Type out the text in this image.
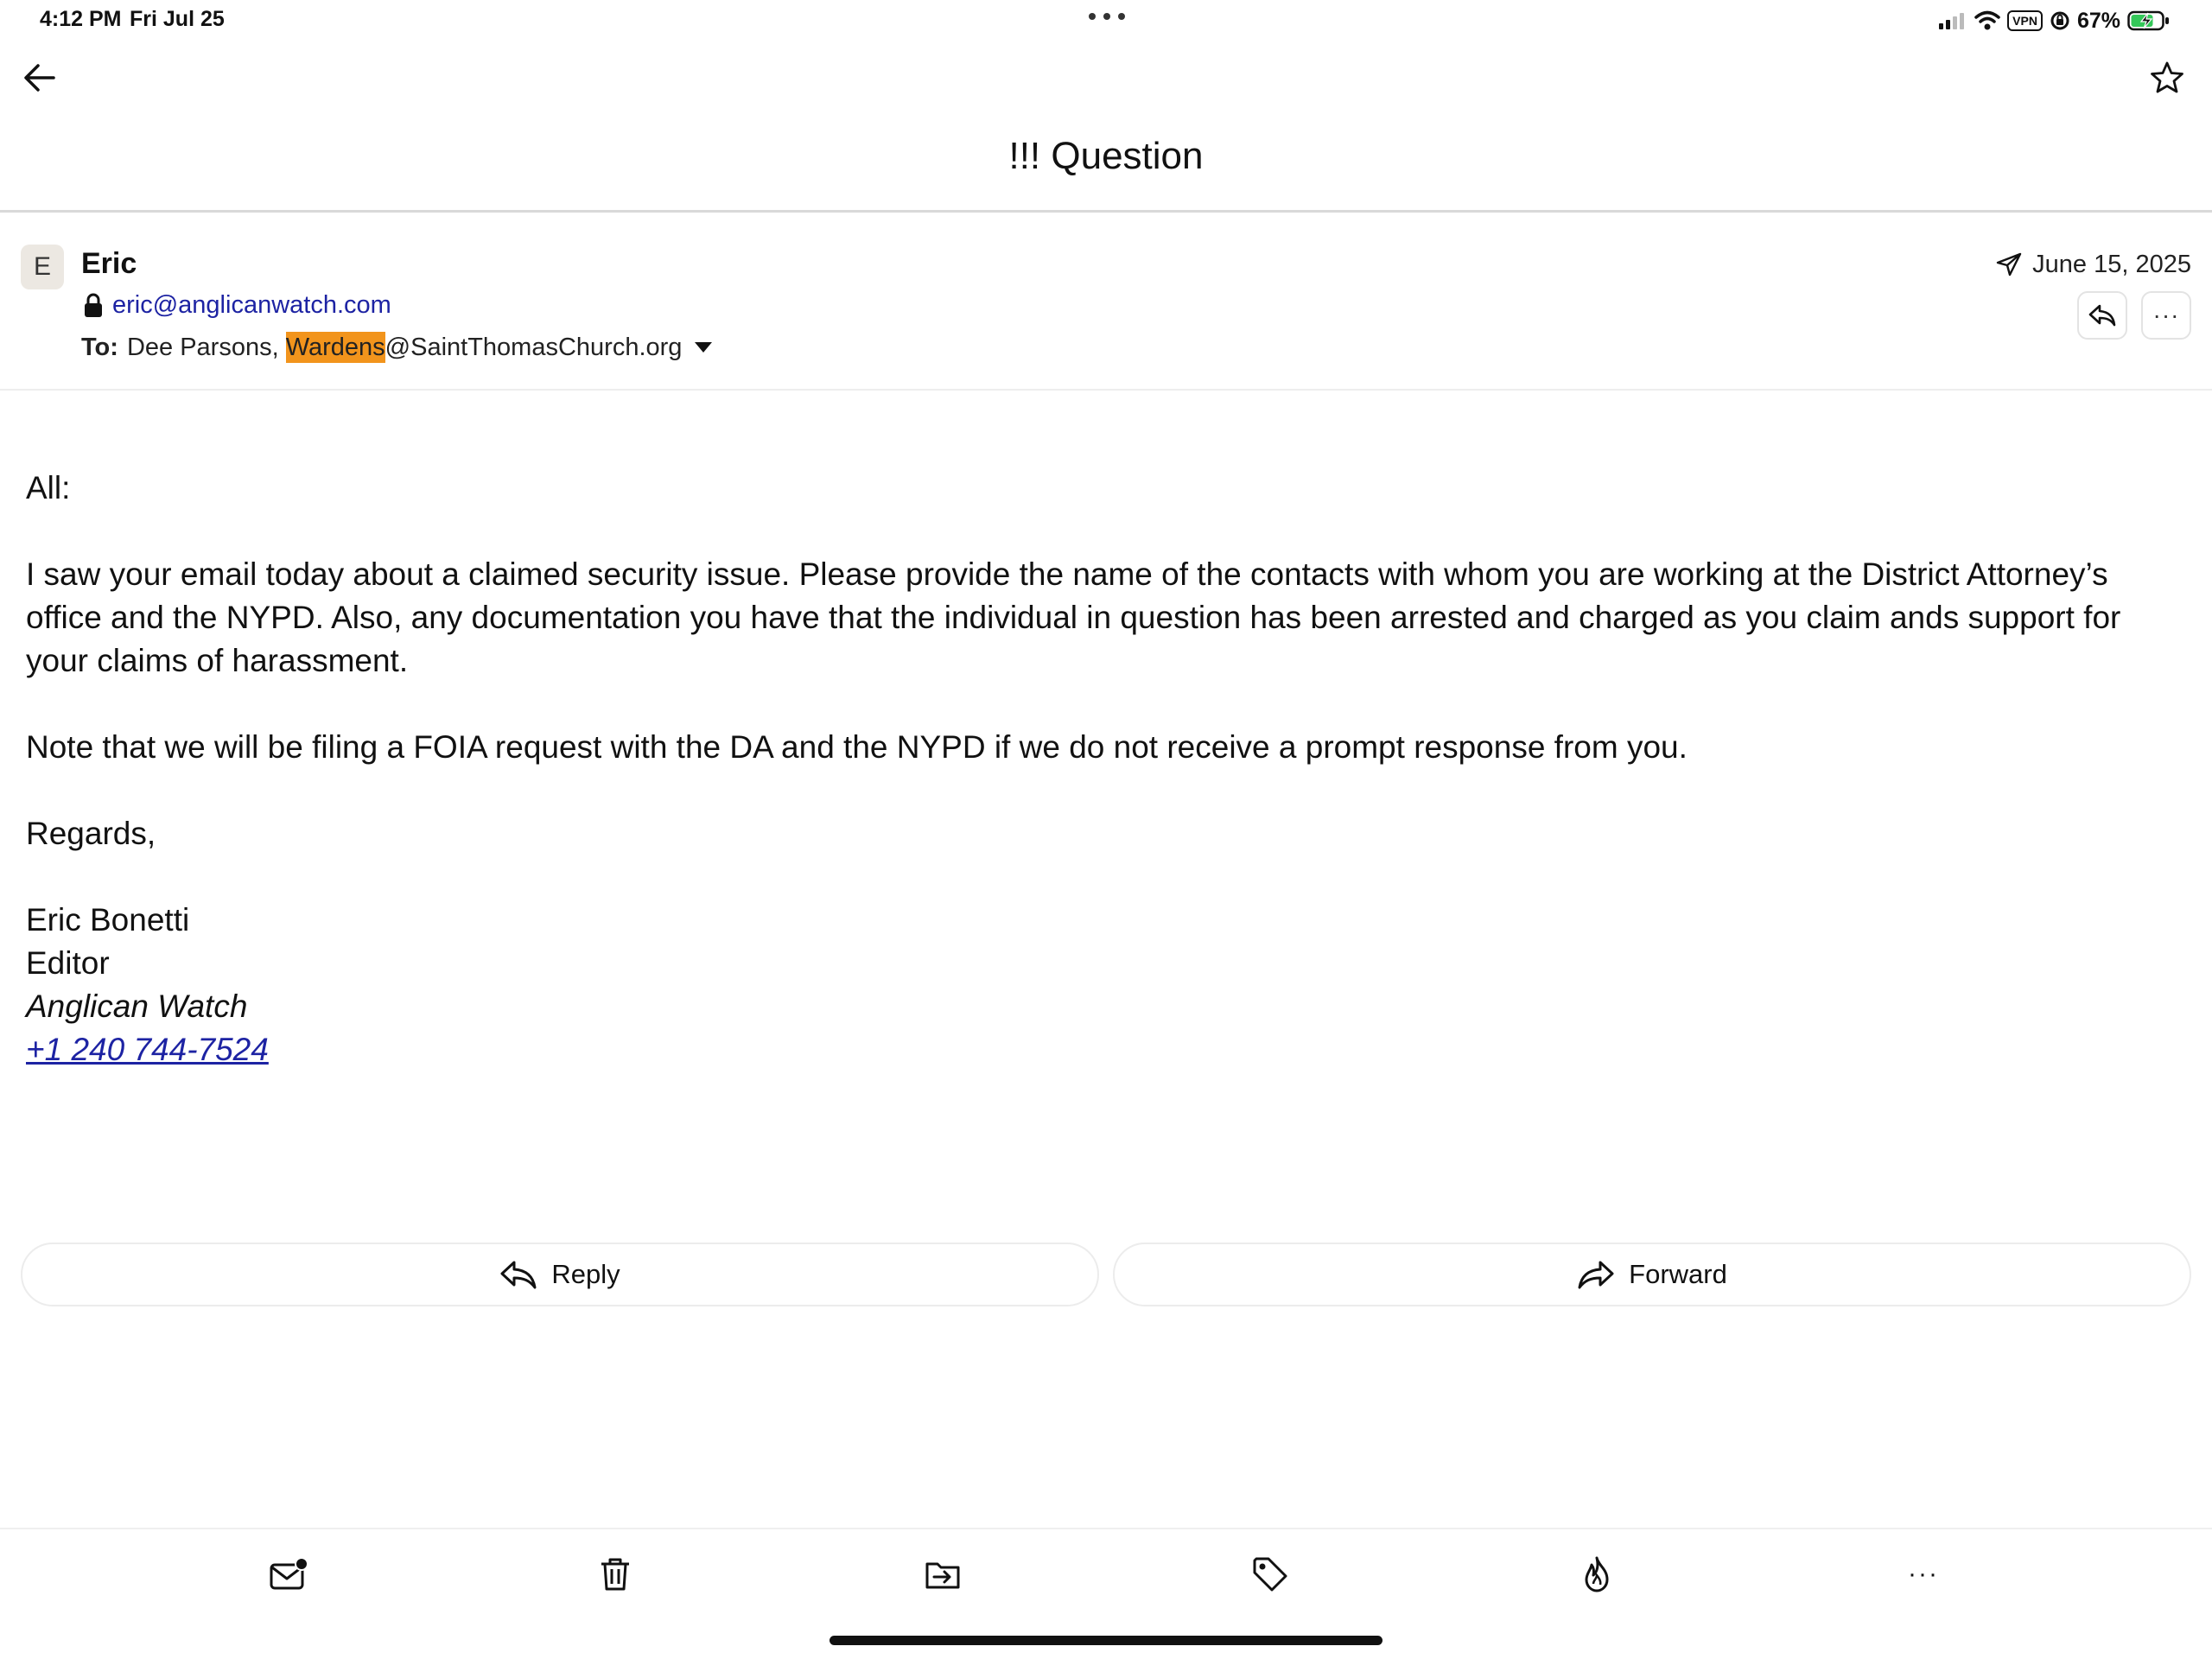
4:12 PM Fri Jul 25	VPN 67%
!!! Question
E	Eric
eric@anglicanwatch.com
To: Dee Parsons, Wardens@SaintThomasChurch.org
June 15, 2025
···

All:

I saw your email today about a claimed security issue. Please provide the name of the contacts with whom you are working at the District Attorney’s office and the NYPD. Also, any documentation you have that the individual in question has been arrested and charged as you claim ands support for your claims of harassment.

Note that we will be filing a FOIA request with the DA and the NYPD if we do not receive a prompt response from you.

Regards,

Eric Bonetti

Editor

Anglican Watch

+1 240 744-7524

Reply	Forward
···
